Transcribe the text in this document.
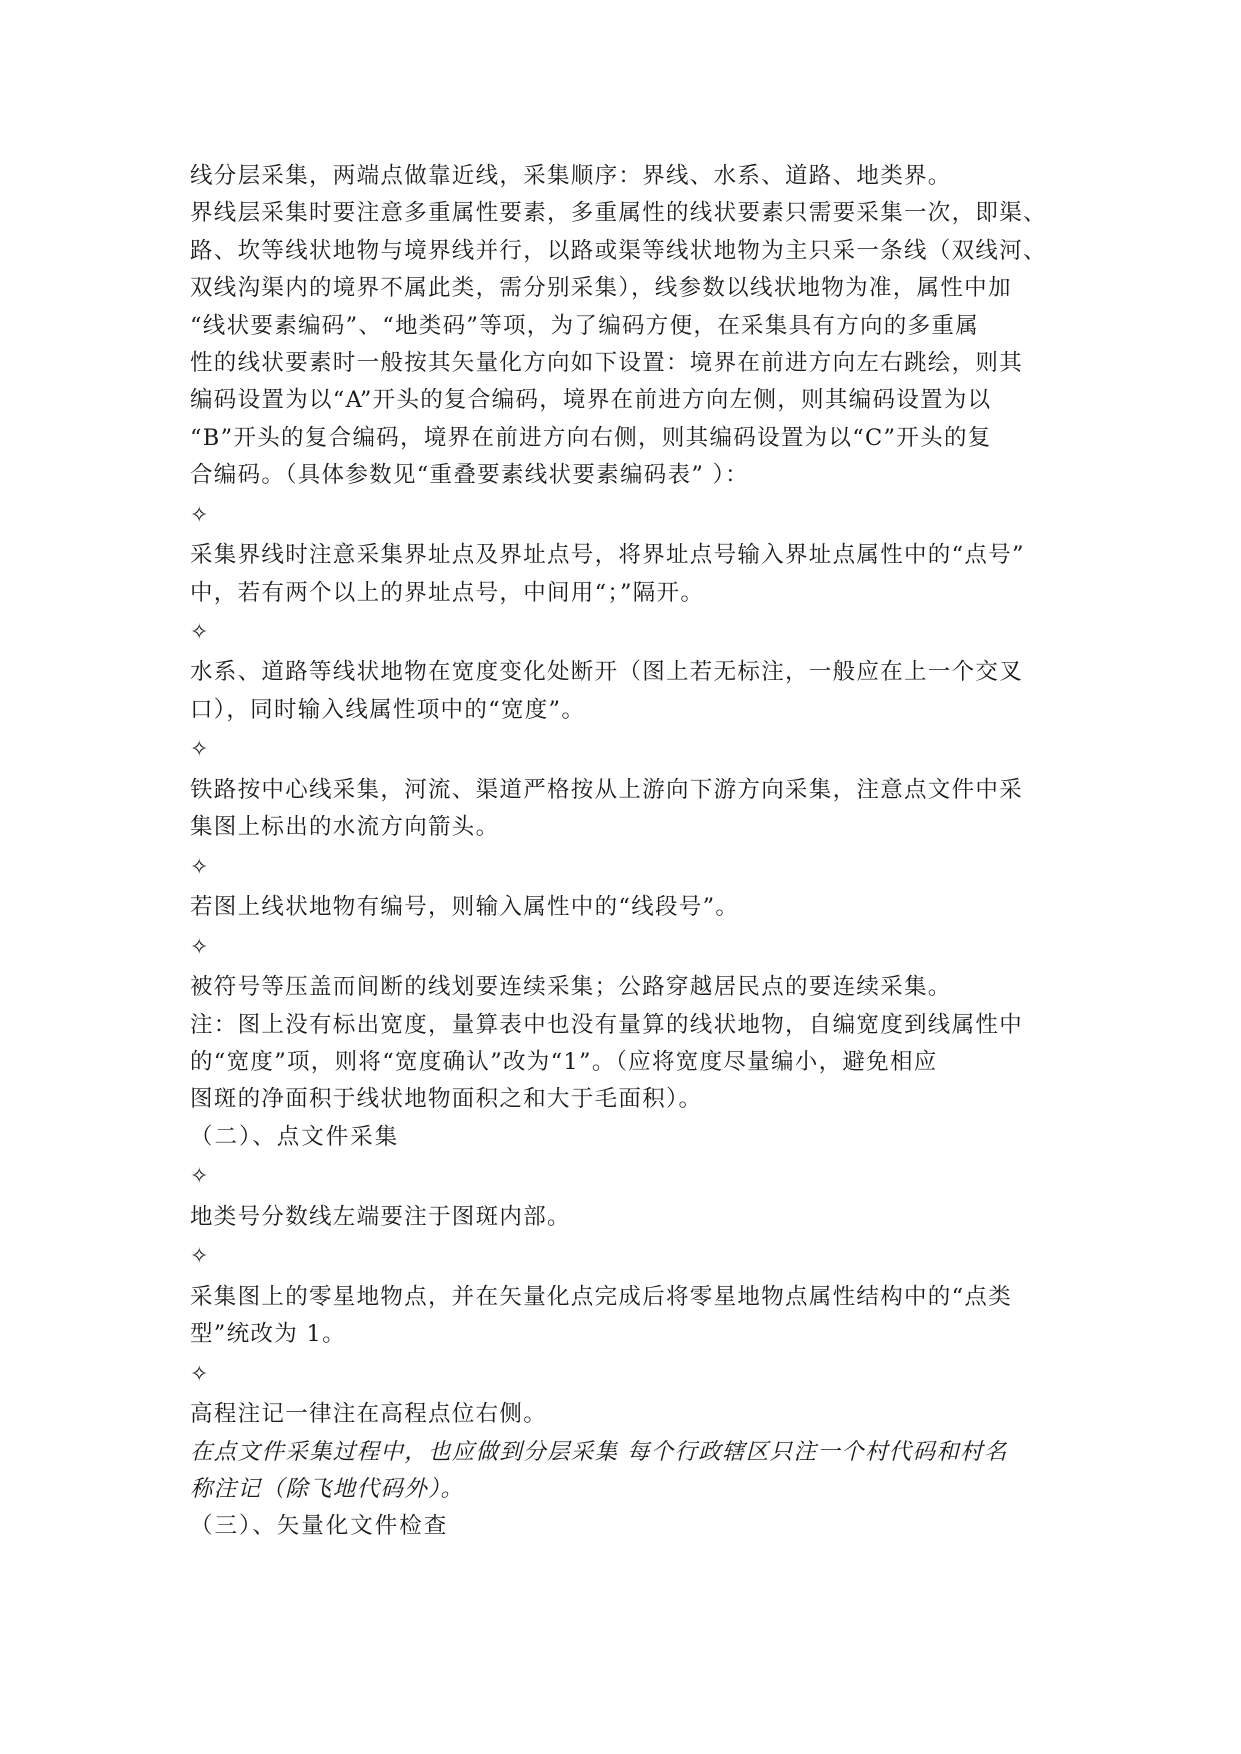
线分层采集，两端点做靠近线，采集顺序：界线、水系、道路、地类界。
界线层采集时要注意多重属性要素，多重属性的线状要素只需要采集一次，即渠、
路、坎等线状地物与境界线并行，以路或渠等线状地物为主只采一条线（双线河、
双线沟渠内的境界不属此类，需分别采集），线参数以线状地物为准，属性中加
“线状要素编码”、“地类码”等项，为了编码方便，在采集具有方向的多重属
性的线状要素时一般按其矢量化方向如下设置：境界在前进方向左右跳绘，则其
编码设置为以“A”开头的复合编码，境界在前进方向左侧，则其编码设置为以
“B”开头的复合编码，境界在前进方向右侧，则其编码设置为以“C”开头的复
合编码。（具体参数见“重叠要素线状要素编码表” ）：
✧
采集界线时注意采集界址点及界址点号，将界址点号输入界址点属性中的“点号”
中，若有两个以上的界址点号，中间用“；”隔开。
✧
水系、道路等线状地物在宽度变化处断开（图上若无标注，一般应在上一个交叉
口），同时输入线属性项中的“宽度”。
✧
铁路按中心线采集，河流、渠道严格按从上游向下游方向采集，注意点文件中采
集图上标出的水流方向箭头。
✧
若图上线状地物有编号，则输入属性中的“线段号”。
✧
被符号等压盖而间断的线划要连续采集；公路穿越居民点的要连续采集。
注：图上没有标出宽度，量算表中也没有量算的线状地物，自编宽度到线属性中
的“宽度”项，则将“宽度确认”改为“1”。（应将宽度尽量编小，避免相应
图斑的净面积于线状地物面积之和大于毛面积）。
（二）、点文件采集
✧
地类号分数线左端要注于图斑内部。
✧
采集图上的零星地物点，并在矢量化点完成后将零星地物点属性结构中的“点类
型”统改为 1。
✧
高程注记一律注在高程点位右侧。
在点文件采集过程中，也应做到分层采集 每个行政辖区只注一个村代码和村名
称注记（除飞地代码外）。
（三）、矢量化文件检查
